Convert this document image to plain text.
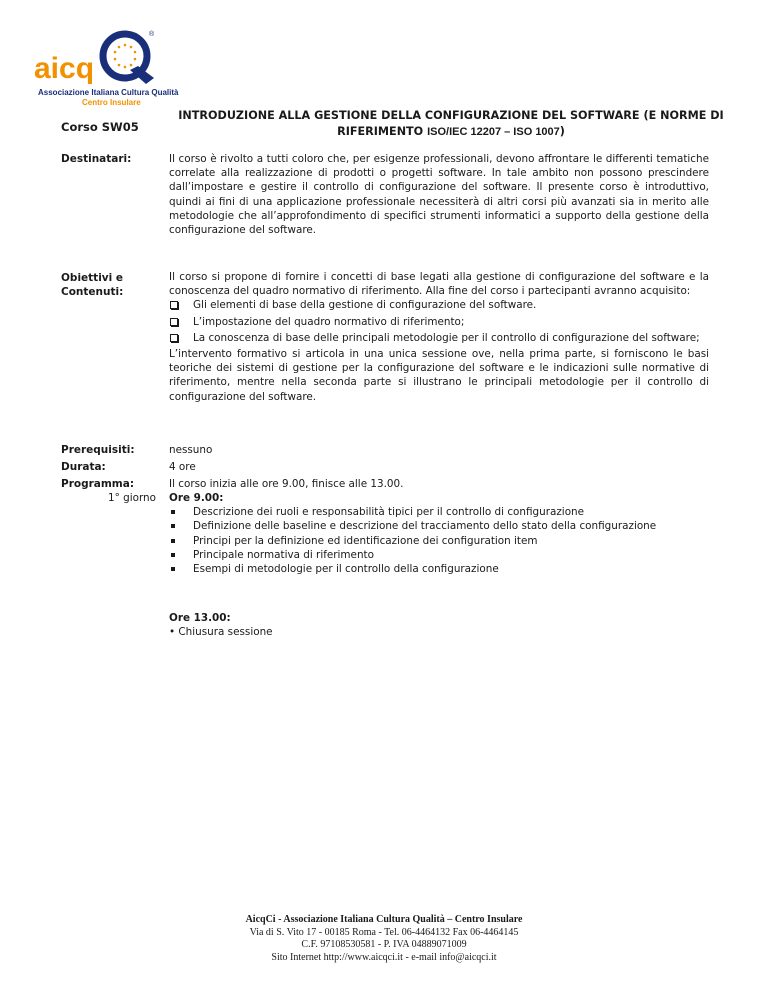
aicq
®
Associazione Italiana Cultura Qualità
Centro Insulare
Corso SW05
INTRODUZIONE ALLA GESTIONE DELLA CONFIGURAZIONE DEL SOFTWARE (E NORME DI RIFERIMENTO ISO/IEC 12207 – ISO 1007)
Destinatari:	Il corso è rivolto a tutti coloro che, per esigenze professionali, devono affrontare le differenti tematiche correlate alla realizzazione di prodotti o progetti software. In tale ambito non possono prescindere dall’impostare e gestire il controllo di configurazione del software. Il presente corso è introduttivo, quindi ai fini di una applicazione professionale necessiterà di altri corsi più avanzati sia in merito alle metodologie che all’approfondimento di specifici strumenti informatici a supporto della gestione della configurazione del software.

Obiettivi e
Contenuti:

Il corso si propone di fornire i concetti di base legati alla gestione di configurazione del software e la conoscenza del quadro normativo di riferimento. Alla fine del corso i partecipanti avranno acquisito:

Gli elementi di base della gestione di configurazione del software.
L’impostazione del quadro normativo di riferimento;
La conoscenza di base delle principali metodologie per il controllo di configurazione del software;

L’intervento formativo si articola in una unica sessione ove, nella prima parte, si forniscono le basi teoriche dei sistemi di gestione per la configurazione del software e le indicazioni sulle normative di riferimento, mentre nella seconda parte si illustrano le principali metodologie per il controllo di configurazione del software.

Prerequisiti:	nessuno
Durata:	4 ore
Programma:	Il corso inizia alle ore 9.00, finisce alle 13.00.
1° giorno Ore 9.00:
Descrizione dei ruoli e responsabilità tipici per il controllo di configurazione
Definizione delle baseline e descrizione del tracciamento dello stato della configurazione
Principi per la definizione ed identificazione dei configuration item
Principale normativa di riferimento
Esempi di metodologie per il controllo della configurazione
Ore 13.00:
• Chiusura sessione
AicqCi - Associazione Italiana Cultura Qualità – Centro Insulare
Via di S. Vito 17 - 00185 Roma - Tel. 06-4464132 Fax 06-4464145
C.F. 97108530581 - P. IVA 04889071009
Sito Internet http://www.aicqci.it - e-mail info@aicqci.it
